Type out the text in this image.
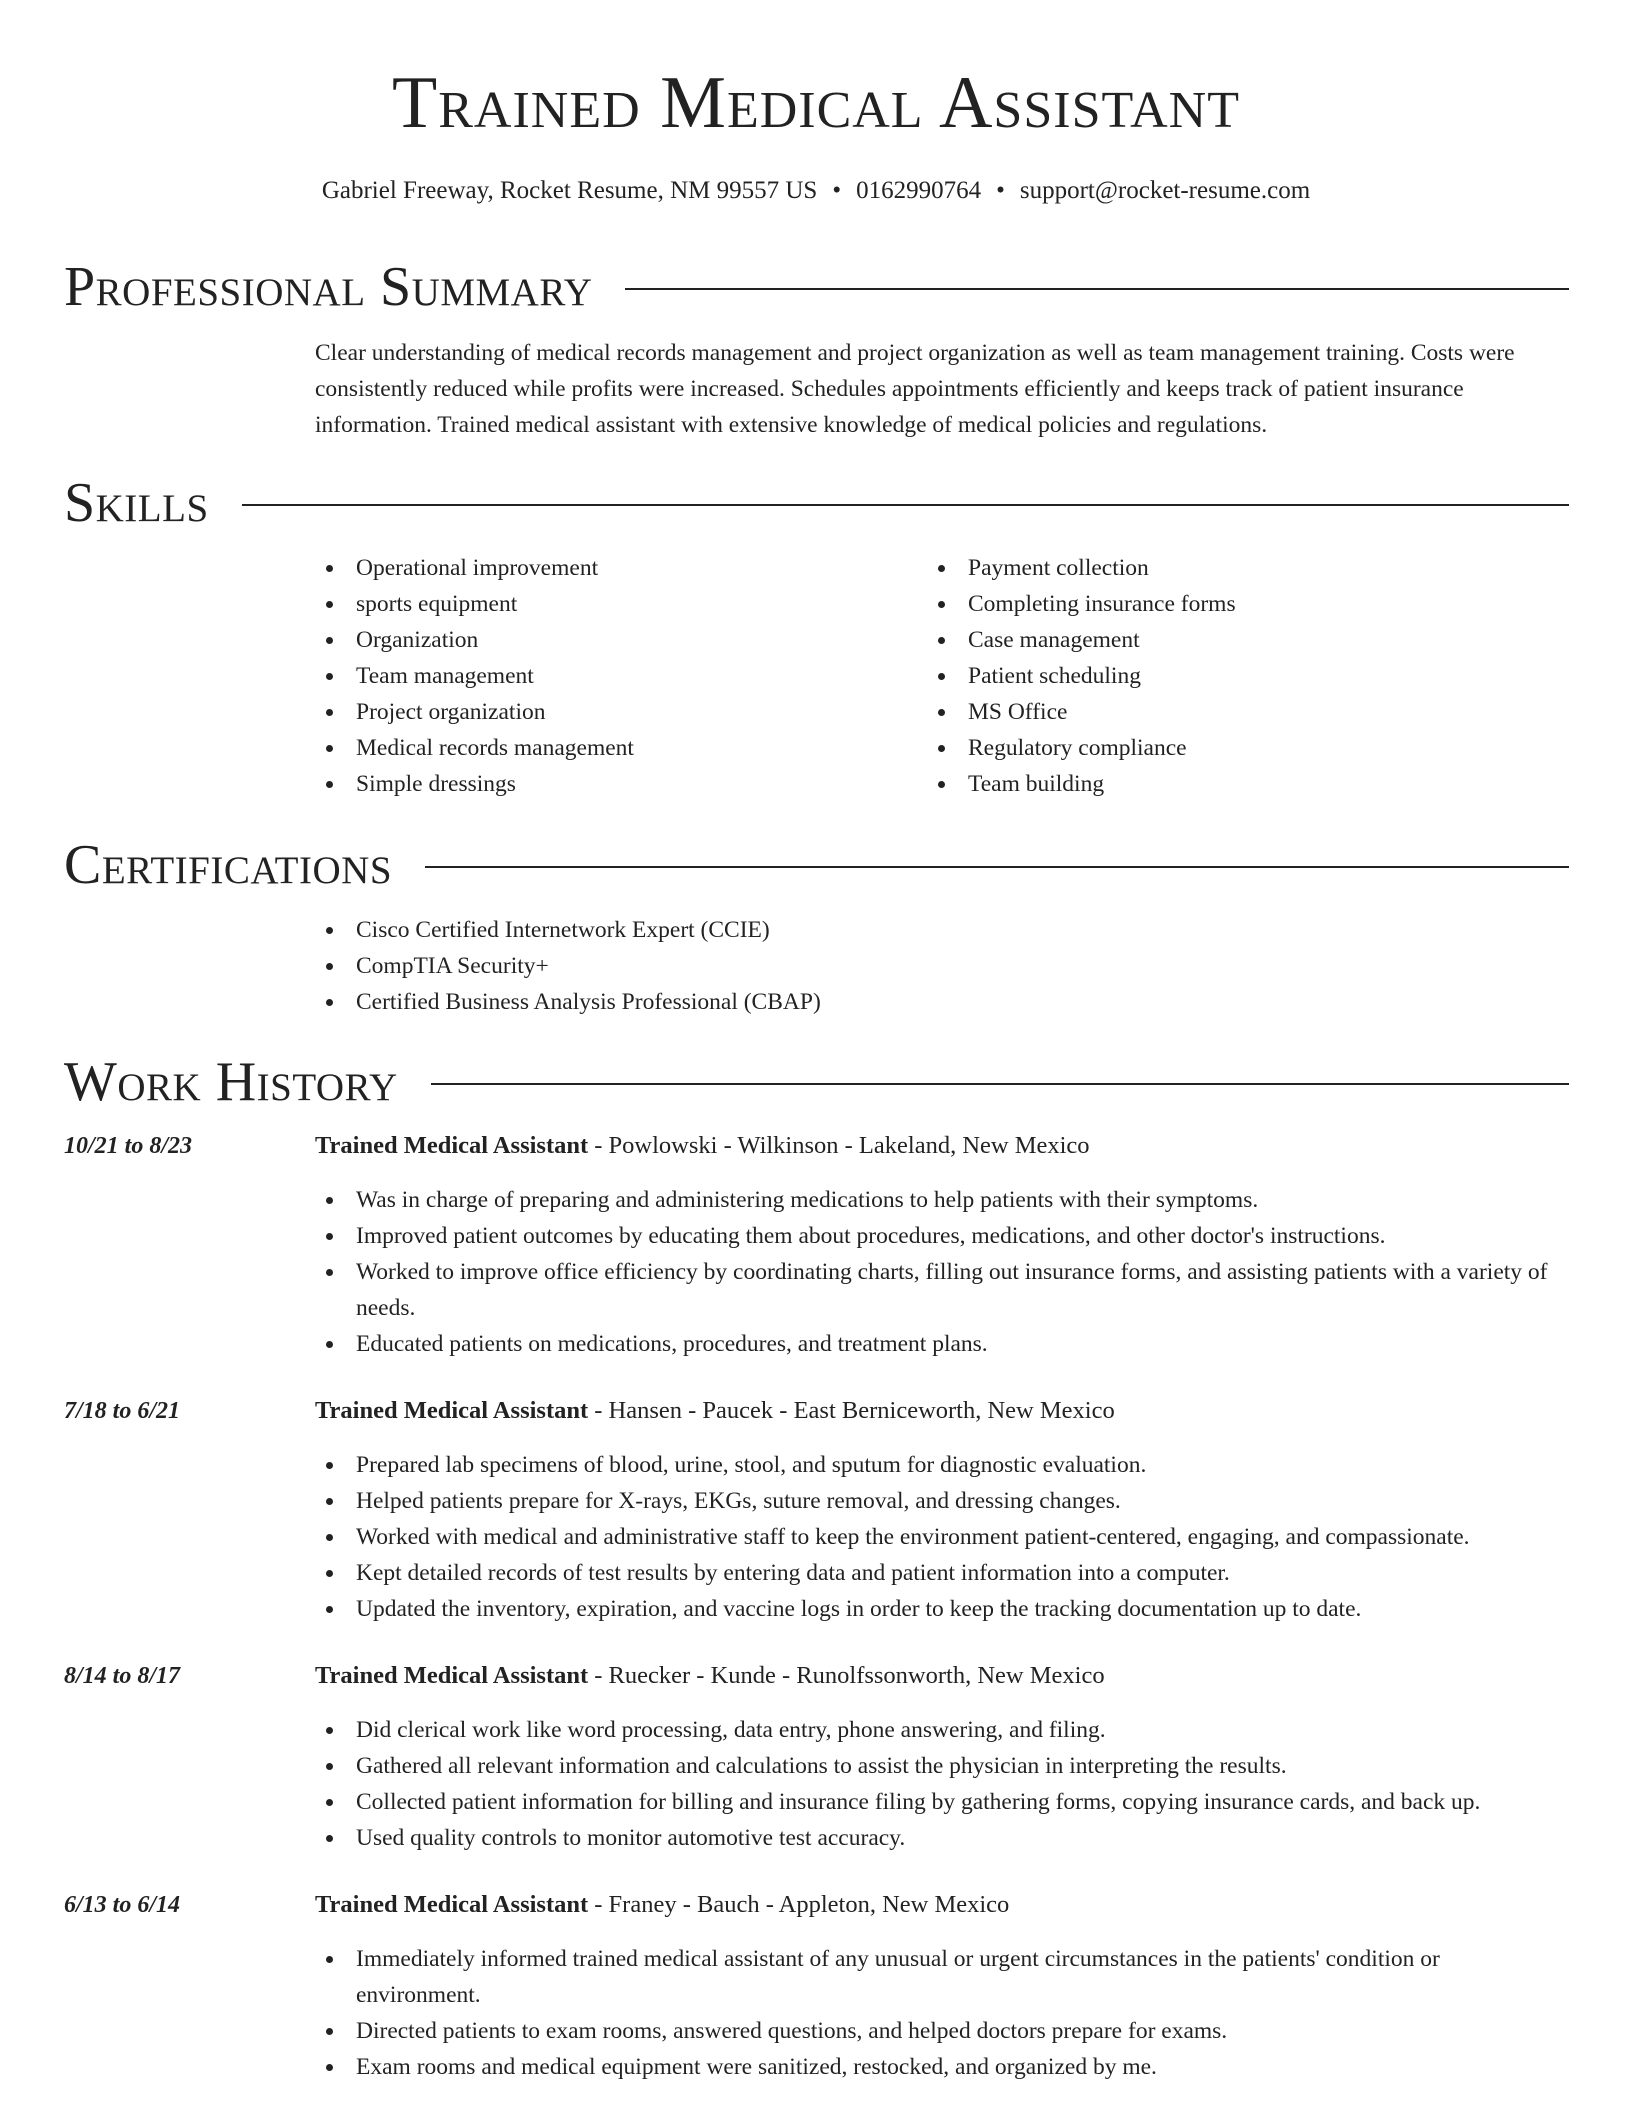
Trained Medical Assistant
Gabriel Freeway, Rocket Resume, NM 99557 US • 0162990764 • support@rocket-resume.com
Professional Summary

Clear understanding of medical records management and project organization as well as team management training. Costs were consistently reduced while profits were increased. Schedules appointments efficiently and keeps track of patient insurance information. Trained medical assistant with extensive knowledge of medical policies and regulations.

Skills
Operational improvement
sports equipment
Organization
Team management
Project organization
Medical records management
Simple dressings
Payment collection
Completing insurance forms
Case management
Patient scheduling
MS Office
Regulatory compliance
Team building
Certifications
Cisco Certified Internetwork Expert (CCIE)
CompTIA Security+
Certified Business Analysis Professional (CBAP)
Work History
10/21 to 8/23	Trained Medical Assistant - Powlowski - Wilkinson - Lakeland, New Mexico
Was in charge of preparing and administering medications to help patients with their symptoms.
Improved patient outcomes by educating them about procedures, medications, and other doctor's instructions.
Worked to improve office efficiency by coordinating charts, filling out insurance forms, and assisting patients with a variety of needs.
Educated patients on medications, procedures, and treatment plans.
7/18 to 6/21	Trained Medical Assistant - Hansen - Paucek - East Berniceworth, New Mexico
Prepared lab specimens of blood, urine, stool, and sputum for diagnostic evaluation.
Helped patients prepare for X-rays, EKGs, suture removal, and dressing changes.
Worked with medical and administrative staff to keep the environment patient-centered, engaging, and compassionate.
Kept detailed records of test results by entering data and patient information into a computer.
Updated the inventory, expiration, and vaccine logs in order to keep the tracking documentation up to date.
8/14 to 8/17	Trained Medical Assistant - Ruecker - Kunde - Runolfssonworth, New Mexico
Did clerical work like word processing, data entry, phone answering, and filing.
Gathered all relevant information and calculations to assist the physician in interpreting the results.
Collected patient information for billing and insurance filing by gathering forms, copying insurance cards, and back up.
Used quality controls to monitor automotive test accuracy.
6/13 to 6/14	Trained Medical Assistant - Franey - Bauch - Appleton, New Mexico
Immediately informed trained medical assistant of any unusual or urgent circumstances in the patients' condition or environment.
Directed patients to exam rooms, answered questions, and helped doctors prepare for exams.
Exam rooms and medical equipment were sanitized, restocked, and organized by me.
